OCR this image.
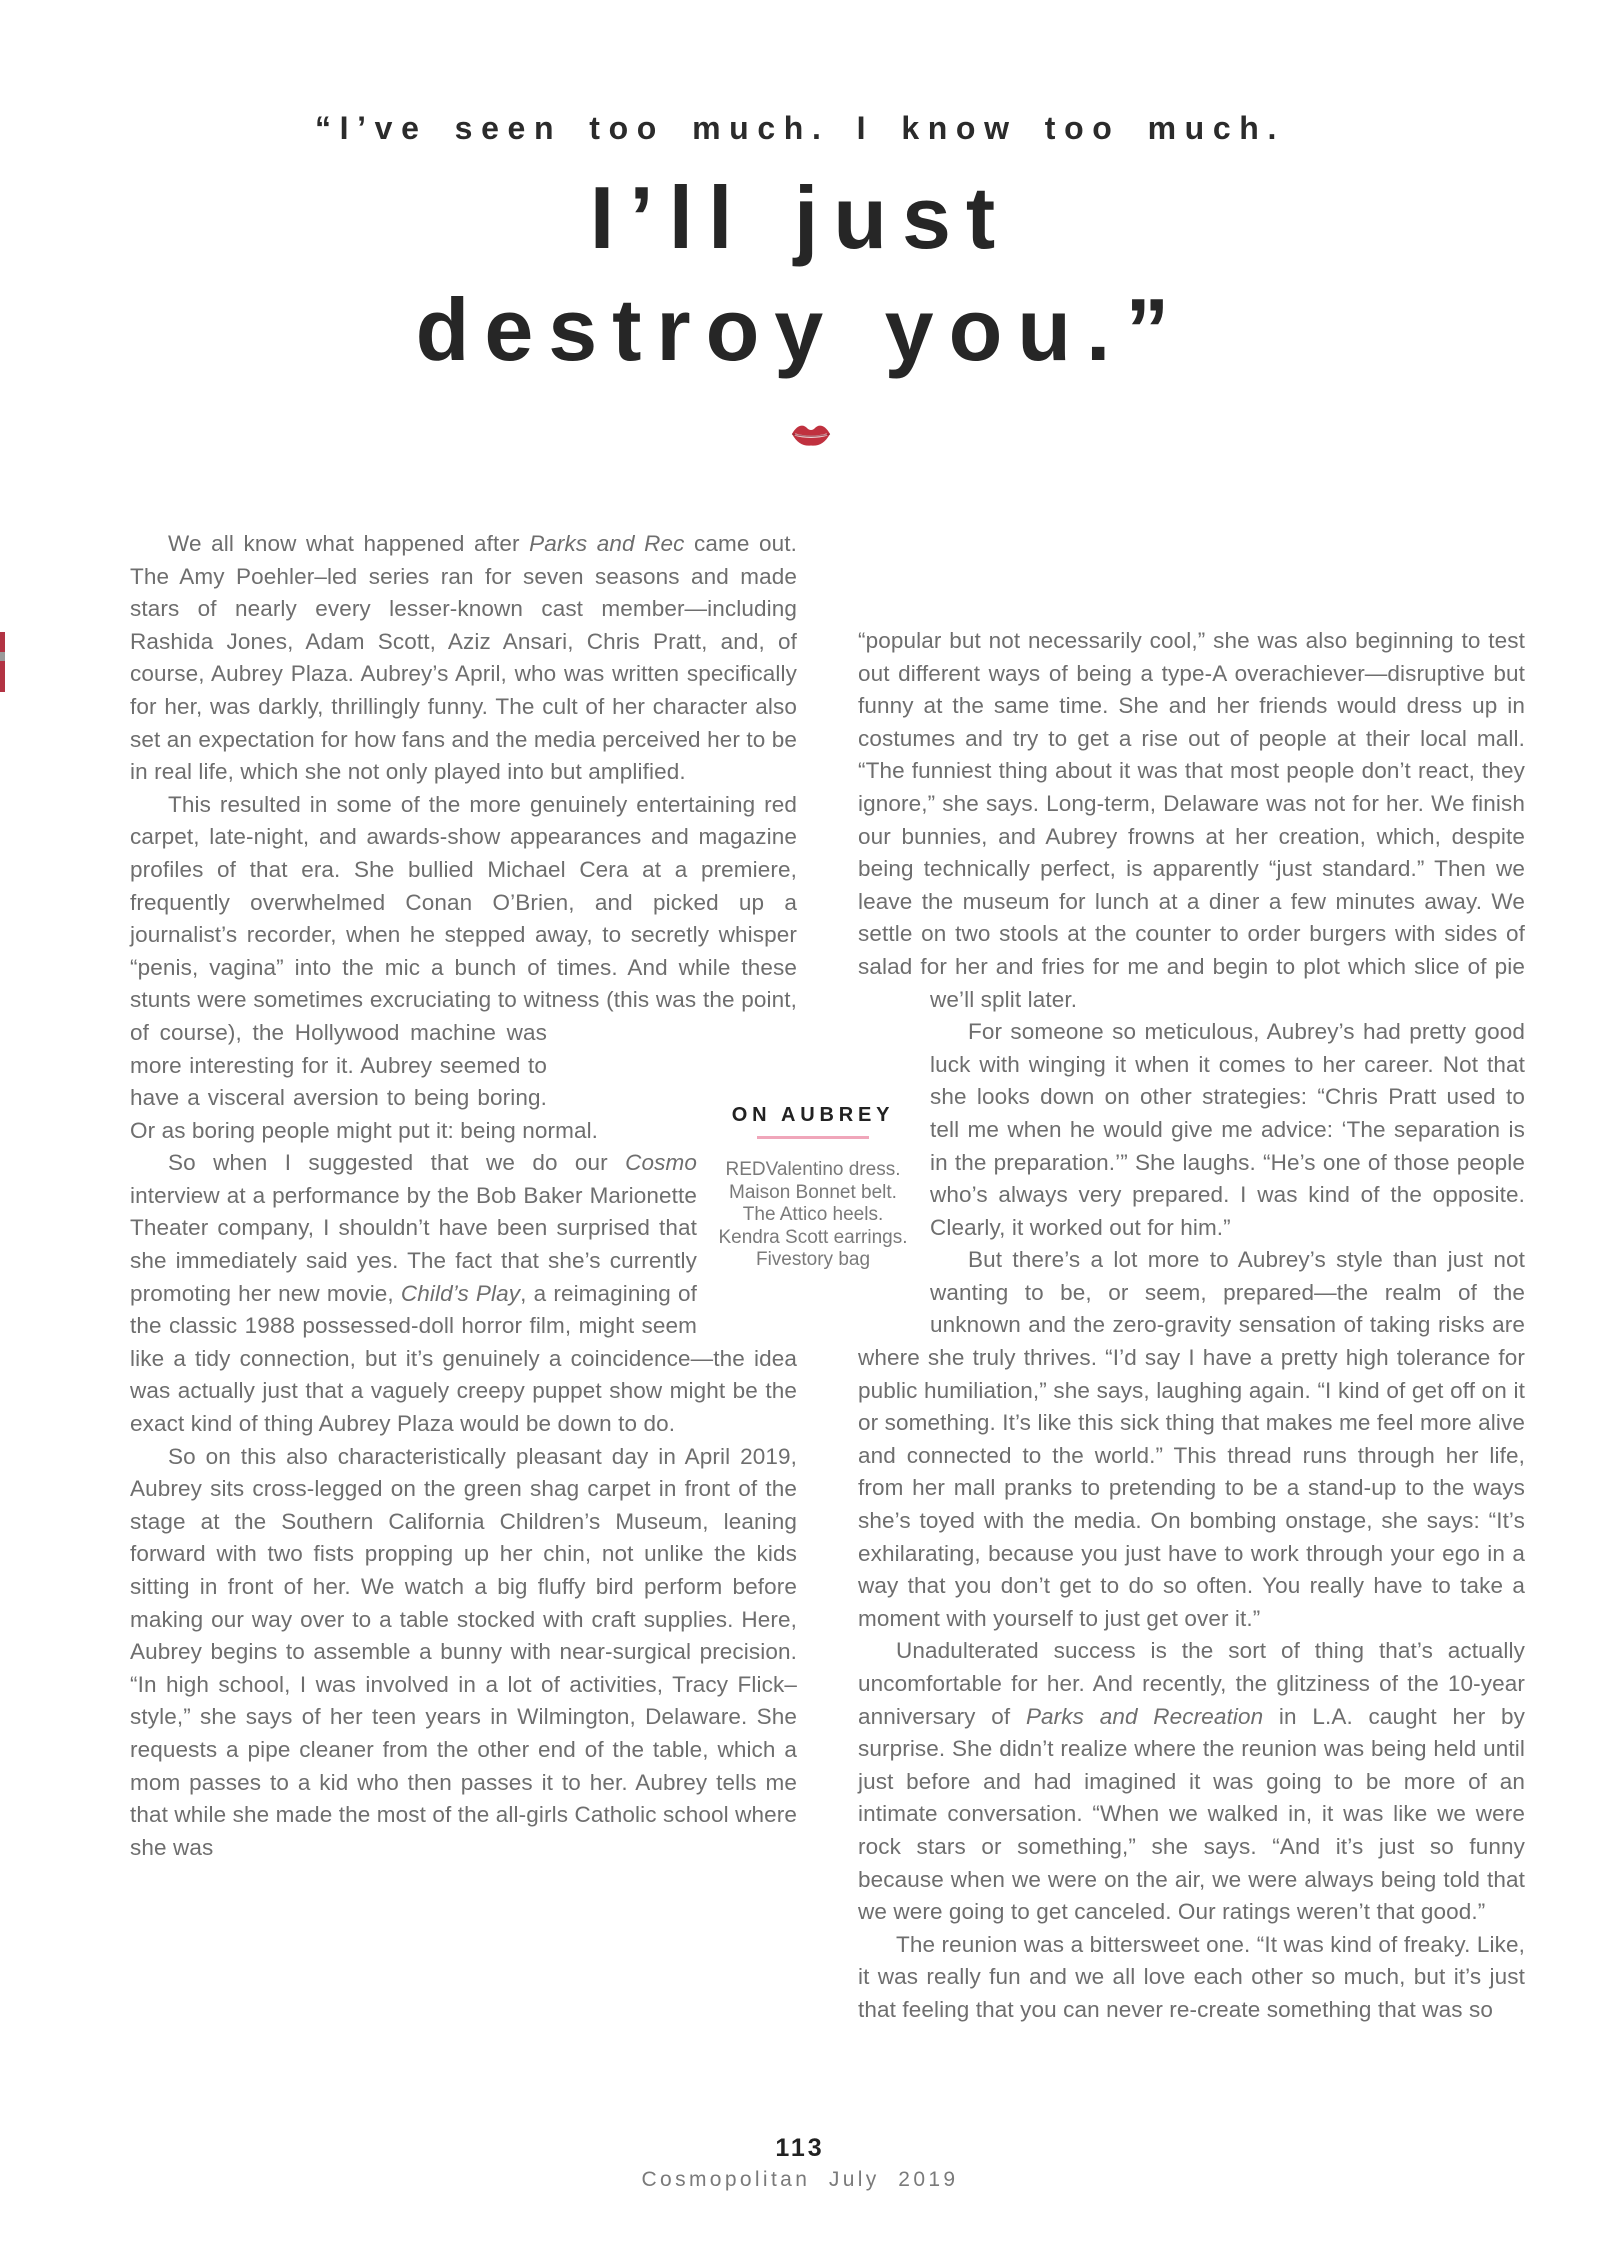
“I’ve seen too much. I know too much.
I’ll just
destroy you.”

We all know what happened after Parks and Rec came out. The Amy Poehler–led series ran for seven seasons and made stars of nearly every lesser-known cast member—including Rashida Jones, Adam Scott, Aziz Ansari, Chris Pratt, and, of course, Aubrey Plaza. Aubrey’s April, who was written specifically for her, was darkly, thrillingly funny. The cult of her character also set an expectation for how fans and the media perceived her to be in real life, which she not only played into but amplified.

This resulted in some of the more genuinely entertaining red carpet, late-night, and awards-show appearances and magazine profiles of that era. She bullied Michael Cera at a premiere, frequently overwhelmed Conan O’Brien, and picked up a journalist’s recorder, when he stepped away, to secretly whisper “penis, vagina” into the mic a bunch of times. And while these stunts were sometimes excruciating to witness (this was the point, of course), the Hollywood machine was more interesting for it. Aubrey seemed to have a visceral aversion to being boring. Or as boring people might put it: being normal.

So when I suggested that we do our Cosmo interview at a performance by the Bob Baker Marionette Theater company, I shouldn’t have been surprised that she immediately said yes. The fact that she’s currently promoting her new movie, Child’s Play, a reimagining of the classic 1988 possessed-doll horror film, might seem like a tidy connection, but it’s genuinely a coincidence—the idea was actually just that a vaguely creepy puppet show might be the exact kind of thing Aubrey Plaza would be down to do.

So on this also characteristically pleasant day in April 2019, Aubrey sits cross-legged on the green shag carpet in front of the stage at the Southern California Children’s Museum, leaning forward with two fists propping up her chin, not unlike the kids sitting in front of her. We watch a big fluffy bird perform before making our way over to a table stocked with craft supplies. Here, Aubrey begins to assemble a bunny with near-surgical precision. “In high school, I was involved in a lot of activities, Tracy Flick–style,” she says of her teen years in Wilmington, Delaware. She requests a pipe cleaner from the other end of the table, which a mom passes to a kid who then passes it to her. Aubrey tells me that while she made the most of the all-girls Catholic school where she was

“popular but not necessarily cool,” she was also beginning to test out different ways of being a type-A overachiever—disruptive but funny at the same time. She and her friends would dress up in costumes and try to get a rise out of people at their local mall. “The funniest thing about it was that most people don’t react, they ignore,” she says. Long-term, Delaware was not for her. We finish our bunnies, and Aubrey frowns at her creation, which, despite being technically perfect, is apparently “just standard.” Then we leave the museum for lunch at a diner a few minutes away. We settle on two stools at the counter to order burgers with sides of salad for her and fries for me and begin to plot which slice of pie we’ll split later.

For someone so meticulous, Aubrey’s had pretty good luck with winging it when it comes to her career. Not that she looks down on other strategies: “Chris Pratt used to tell me when he would give me advice: ‘The separation is in the preparation.’” She laughs. “He’s one of those people who’s always very prepared. I was kind of the opposite. Clearly, it worked out for him.”

But there’s a lot more to Aubrey’s style than just not wanting to be, or seem, prepared—the realm of the unknown and the zero-gravity sensation of taking risks are where she truly thrives. “I’d say I have a pretty high tolerance for public humiliation,” she says, laughing again. “I kind of get off on it or something. It’s like this sick thing that makes me feel more alive and connected to the world.” This thread runs through her life, from her mall pranks to pretending to be a stand-up to the ways she’s toyed with the media. On bombing onstage, she says: “It’s exhilarating, because you just have to work through your ego in a way that you don’t get to do so often. You really have to take a moment with yourself to just get over it.”

Unadulterated success is the sort of thing that’s actually uncomfortable for her. And recently, the glitziness of the 10-year anniversary of Parks and Recreation in L.A. caught her by surprise. She didn’t realize where the reunion was being held until just before and had imagined it was going to be more of an intimate conversation. “When we walked in, it was like we were rock stars or something,” she says. “And it’s just so funny because when we were on the air, we were always being told that we were going to get canceled. Our ratings weren’t that good.”

The reunion was a bittersweet one. “It was kind of freaky. Like, it was really fun and we all love each other so much, but it’s just that feeling that you can never re-create something that was so

ON AUBREY
REDValentino dress.
Maison Bonnet belt.
The Attico heels.
Kendra Scott earrings.
Fivestory bag
113
Cosmopolitan July 2019
